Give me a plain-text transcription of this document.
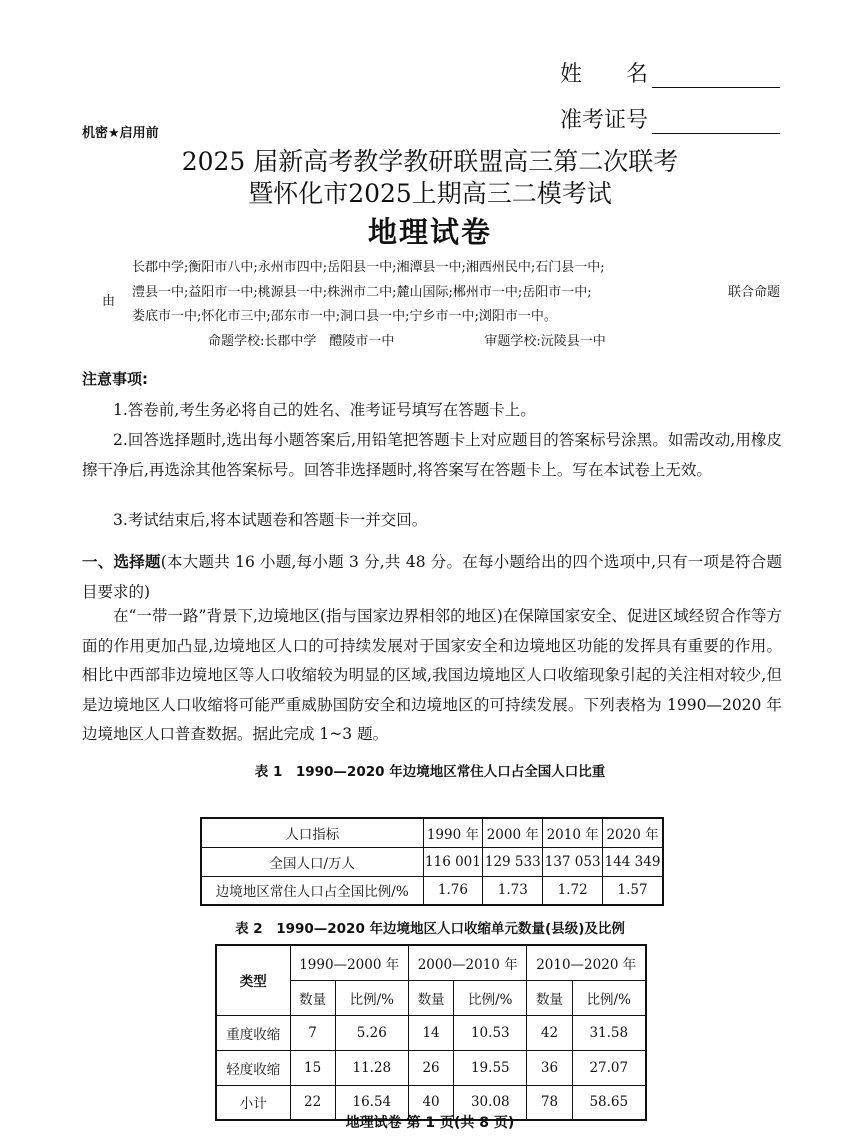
姓　　名
准考证号
机密★启用前
2025 届新高考教学教研联盟高三第二次联考
暨怀化市2025上期高三二模考试
地理试卷
由
长郡中学;衡阳市八中;永州市四中;岳阳县一中;湘潭县一中;湘西州民中;石门县一中;
澧县一中;益阳市一中;桃源县一中;株洲市二中;麓山国际;郴州市一中;岳阳市一中;
娄底市一中;怀化市三中;邵东市一中;洞口县一中;宁乡市一中;浏阳市一中。
联合命题
命题学校:长郡中学　醴陵市一中	审题学校:沅陵县一中
注意事项:
1.答卷前,考生务必将自己的姓名、准考证号填写在答题卡上。
2.回答选择题时,选出每小题答案后,用铅笔把答题卡上对应题目的答案标号涂黑。如需改动,用橡皮擦干净后,再选涂其他答案标号。回答非选择题时,将答案写在答题卡上。写在本试卷上无效。
3.考试结束后,将本试题卷和答题卡一并交回。
一、选择题(本大题共 16 小题,每小题 3 分,共 48 分。在每小题给出的四个选项中,只有一项是符合题目要求的)
在“一带一路”背景下,边境地区(指与国家边界相邻的地区)在保障国家安全、促进区域经贸合作等方面的作用更加凸显,边境地区人口的可持续发展对于国家安全和边境地区功能的发挥具有重要的作用。相比中西部非边境地区等人口收缩较为明显的区域,我国边境地区人口收缩现象引起的关注相对较少,但是边境地区人口收缩将可能严重威胁国防安全和边境地区的可持续发展。下列表格为 1990—2020 年边境地区人口普查数据。据此完成 1~3 题。
表 1　1990—2020 年边境地区常住人口占全国人口比重
人口指标	1990 年	2000 年	2010 年	2020 年
全国人口/万人	116 001	129 533	137 053	144 349
边境地区常住人口占全国比例/%	1.76	1.73	1.72	1.57
表 2　1990—2020 年边境地区人口收缩单元数量(县级)及比例
类型	1990—2000 年		2000—2010 年		2010—2020 年	
	数量	比例/%	数量	比例/%	数量	比例/%
重度收缩	7	5.26	14	10.53	42	31.58
轻度收缩	15	11.28	26	19.55	36	27.07
小计	22	16.54	40	30.08	78	58.65
地理试卷 第 1 页(共 8 页)
